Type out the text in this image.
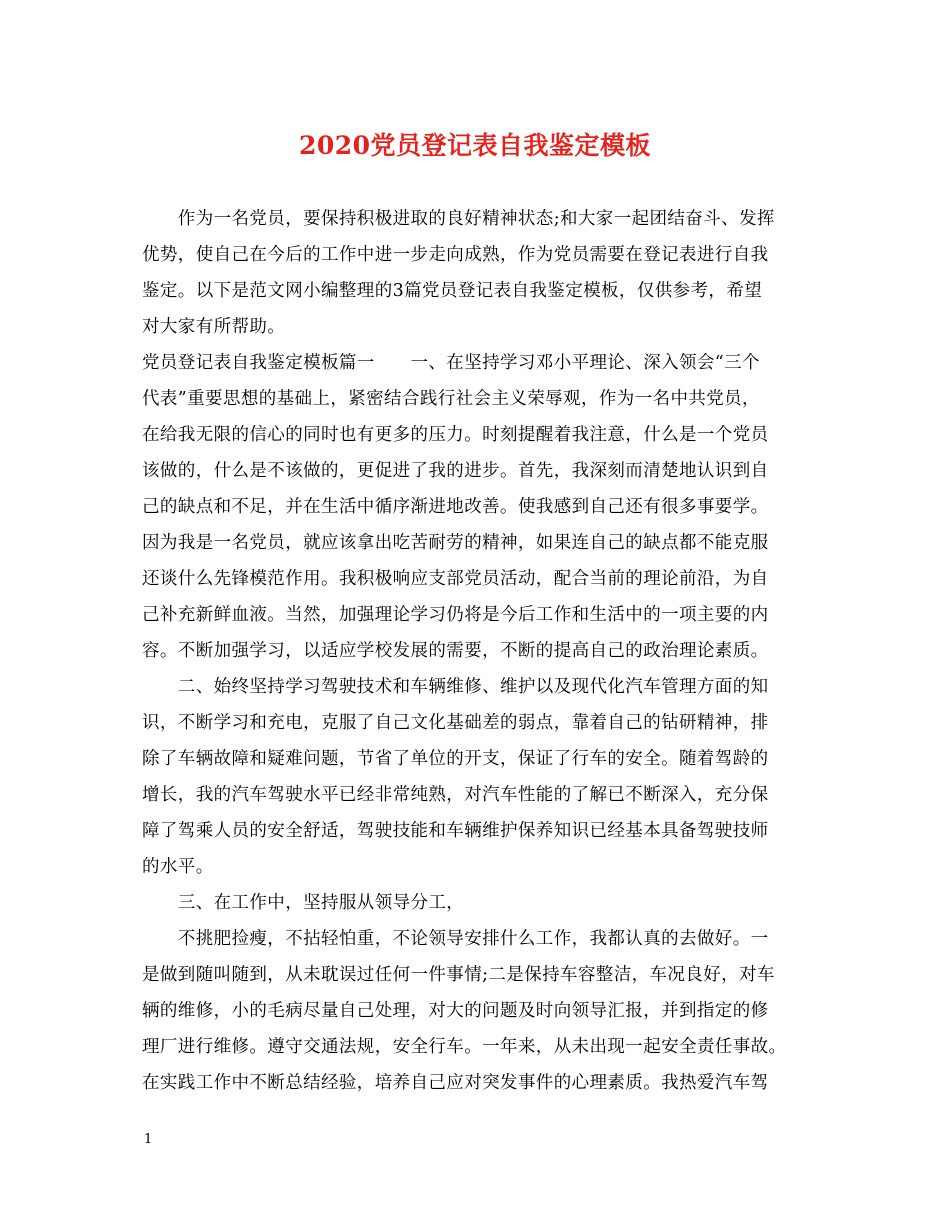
2020党员登记表自我鉴定模板
　　作为一名党员，要保持积极进取的良好精神状态;和大家一起团结奋斗、发挥
优势，使自己在今后的工作中进一步走向成熟，作为党员需要在登记表进行自我
鉴定。以下是范文网小编整理的3篇党员登记表自我鉴定模板，仅供参考，希望
对大家有所帮助。
党员登记表自我鉴定模板篇一　　一、在坚持学习邓小平理论、深入领会“三个
代表”重要思想的基础上，紧密结合践行社会主义荣辱观，作为一名中共党员，
在给我无限的信心的同时也有更多的压力。时刻提醒着我注意，什么是一个党员
该做的，什么是不该做的，更促进了我的进步。首先，我深刻而清楚地认识到自
己的缺点和不足，并在生活中循序渐进地改善。使我感到自己还有很多事要学。
因为我是一名党员，就应该拿出吃苦耐劳的精神，如果连自己的缺点都不能克服
还谈什么先锋模范作用。我积极响应支部党员活动，配合当前的理论前沿，为自
己补充新鲜血液。当然，加强理论学习仍将是今后工作和生活中的一项主要的内
容。不断加强学习，以适应学校发展的需要，不断的提高自己的政治理论素质。
　　二、始终坚持学习驾驶技术和车辆维修、维护以及现代化汽车管理方面的知
识，不断学习和充电，克服了自己文化基础差的弱点，靠着自己的钻研精神，排
除了车辆故障和疑难问题，节省了单位的开支，保证了行车的安全。随着驾龄的
增长，我的汽车驾驶水平已经非常纯熟，对汽车性能的了解已不断深入，充分保
障了驾乘人员的安全舒适，驾驶技能和车辆维护保养知识已经基本具备驾驶技师
的水平。
　　三、在工作中，坚持服从领导分工，
　　不挑肥捡瘦，不拈轻怕重，不论领导安排什么工作，我都认真的去做好。一
是做到随叫随到，从未耽误过任何一件事情;二是保持车容整洁，车况良好，对车
辆的维修，小的毛病尽量自己处理，对大的问题及时向领导汇报，并到指定的修
理厂进行维修。遵守交通法规，安全行车。一年来，从未出现一起安全责任事故。
在实践工作中不断总结经验，培养自己应对突发事件的心理素质。我热爱汽车驾
1
